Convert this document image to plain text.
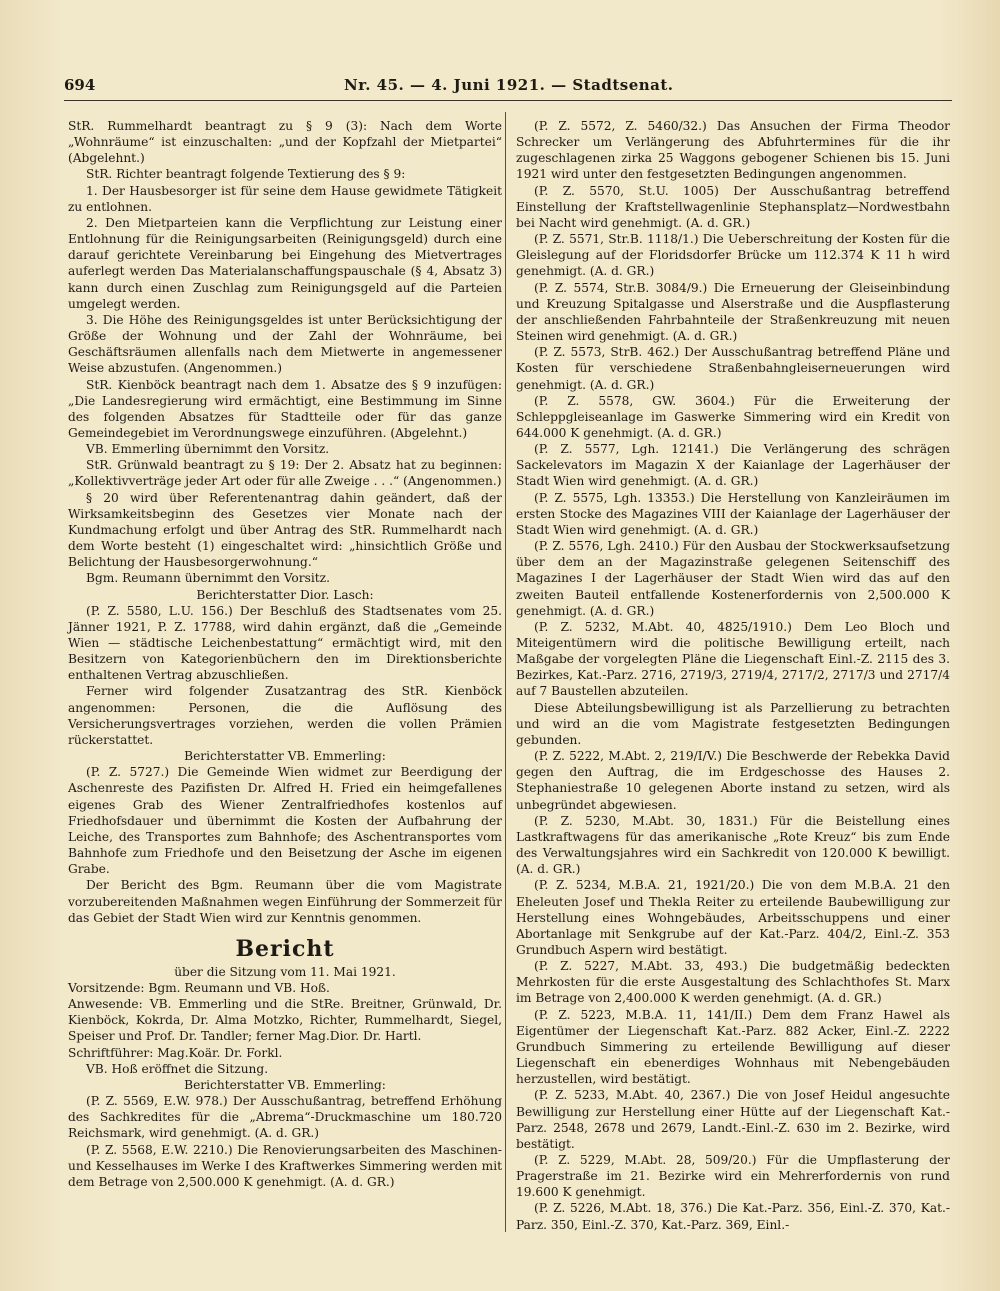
694	Nr. 45. — 4. Juni 1921. — Stadtsenat.

StR. Rummelhardt beantragt zu § 9 (3): Nach dem Worte „Wohnräume“ ist einzuschalten: „und der Kopfzahl der Mietpartei“ (Abgelehnt.)

StR. Richter beantragt folgende Textierung des § 9:

1. Der Hausbesorger ist für seine dem Hause gewidmete Tätigkeit zu entlohnen.

2. Den Mietparteien kann die Verpflichtung zur Leistung einer Entlohnung für die Reinigungsarbeiten (Reinigungsgeld) durch eine darauf gerichtete Vereinbarung bei Eingehung des Mietvertrages auferlegt werden Das Materialanschaffungspauschale (§ 4, Absatz 3) kann durch einen Zuschlag zum Reinigungsgeld auf die Parteien umgelegt werden.

3. Die Höhe des Reinigungsgeldes ist unter Berücksichtigung der Größe der Wohnung und der Zahl der Wohnräume, bei Geschäftsräumen allenfalls nach dem Mietwerte in angemessener Weise abzustufen. (Angenommen.)

StR. Kienböck beantragt nach dem 1. Absatze des § 9 inzufügen: „Die Landesregierung wird ermächtigt, eine Bestimmung im Sinne des folgenden Absatzes für Stadtteile oder für das ganze Gemeindegebiet im Verordnungswege einzuführen. (Abgelehnt.)

VB. Emmerling übernimmt den Vorsitz.

StR. Grünwald beantragt zu § 19: Der 2. Absatz hat zu beginnen: „Kollektivverträge jeder Art oder für alle Zweige . . .“ (Angenommen.)

§ 20 wird über Referentenantrag dahin geändert, daß der Wirksamkeitsbeginn des Gesetzes vier Monate nach der Kundmachung erfolgt und über Antrag des StR. Rummelhardt nach dem Worte besteht (1) eingeschaltet wird: „hinsichtlich Größe und Belichtung der Hausbesorgerwohnung.“

Bgm. Reumann übernimmt den Vorsitz.

Berichterstatter Dior. Lasch:

(P. Z. 5580, L.U. 156.) Der Beschluß des Stadtsenates vom 25. Jänner 1921, P. Z. 17788, wird dahin ergänzt, daß die „Gemeinde Wien — städtische Leichenbestattung“ ermächtigt wird, mit den Besitzern von Kategorienbüchern den im Direktionsberichte enthaltenen Vertrag abzuschließen.

Ferner wird folgender Zusatzantrag des StR. Kienböck angenommen: Personen, die die Auflösung des Versicherungsvertrages vorziehen, werden die vollen Prämien rückerstattet.

Berichterstatter VB. Emmerling:

(P. Z. 5727.) Die Gemeinde Wien widmet zur Beerdigung der Aschenreste des Pazifisten Dr. Alfred H. Fried ein heimgefallenes eigenes Grab des Wiener Zentralfriedhofes kostenlos auf Friedhofsdauer und übernimmt die Kosten der Aufbahrung der Leiche, des Transportes zum Bahnhofe; des Aschentransportes vom Bahnhofe zum Friedhofe und den Beisetzung der Asche im eigenen Grabe.

Der Bericht des Bgm. Reumann über die vom Magistrate vorzubereitenden Maßnahmen wegen Einführung der Sommerzeit für das Gebiet der Stadt Wien wird zur Kenntnis genommen.

Bericht

über die Sitzung vom 11. Mai 1921.

Vorsitzende: Bgm. Reumann und VB. Hoß.

Anwesende: VB. Emmerling und die StRe. Breitner, Grünwald, Dr. Kienböck, Kokrda, Dr. Alma Motzko, Richter, Rummelhardt, Siegel, Speiser und Prof. Dr. Tandler; ferner Mag.Dior. Dr. Hartl.

Schriftführer: Mag.Koär. Dr. Forkl.

VB. Hoß eröffnet die Sitzung.

Berichterstatter VB. Emmerling:

(P. Z. 5569, E.W. 978.) Der Ausschußantrag, betreffend Erhöhung des Sachkredites für die „Abrema“-Druckmaschine um 180.720 Reichsmark, wird genehmigt. (A. d. GR.)

(P. Z. 5568, E.W. 2210.) Die Renovierungsarbeiten des Maschinen- und Kesselhauses im Werke I des Kraftwerkes Simmering werden mit dem Betrage von 2,500.000 K genehmigt. (A. d. GR.)

(P. Z. 5572, Z. 5460/32.) Das Ansuchen der Firma Theodor Schrecker um Verlängerung des Abfuhrtermines für die ihr zugeschlagenen zirka 25 Waggons gebogener Schienen bis 15. Juni 1921 wird unter den festgesetzten Bedingungen angenommen.

(P. Z. 5570, St.U. 1005) Der Ausschußantrag betreffend Einstellung der Kraftstellwagenlinie Stephansplatz—Nordwestbahn bei Nacht wird genehmigt. (A. d. GR.)

(P. Z. 5571, Str.B. 1118/1.) Die Ueberschreitung der Kosten für die Gleislegung auf der Floridsdorfer Brücke um 112.374 K 11 h wird genehmigt. (A. d. GR.)

(P. Z. 5574, Str.B. 3084/9.) Die Erneuerung der Gleiseinbindung und Kreuzung Spitalgasse und Alserstraße und die Auspflasterung der anschließenden Fahrbahnteile der Straßenkreuzung mit neuen Steinen wird genehmigt. (A. d. GR.)

(P. Z. 5573, StrB. 462.) Der Ausschußantrag betreffend Pläne und Kosten für verschiedene Straßenbahngleiserneuerungen wird genehmigt. (A. d. GR.)

(P. Z. 5578, GW. 3604.) Für die Erweiterung der Schleppgleiseanlage im Gaswerke Simmering wird ein Kredit von 644.000 K genehmigt. (A. d. GR.)

(P. Z. 5577, Lgh. 12141.) Die Verlängerung des schrägen Sackelevators im Magazin X der Kaianlage der Lagerhäuser der Stadt Wien wird genehmigt. (A. d. GR.)

(P. Z. 5575, Lgh. 13353.) Die Herstellung von Kanzleiräumen im ersten Stocke des Magazines VIII der Kaianlage der Lagerhäuser der Stadt Wien wird genehmigt. (A. d. GR.)

(P. Z. 5576, Lgh. 2410.) Für den Ausbau der Stockwerksaufsetzung über dem an der Magazinstraße gelegenen Seitenschiff des Magazines I der Lagerhäuser der Stadt Wien wird das auf den zweiten Bauteil entfallende Kostenerfordernis von 2,500.000 K genehmigt. (A. d. GR.)

(P. Z. 5232, M.Abt. 40, 4825/1910.) Dem Leo Bloch und Miteigentümern wird die politische Bewilligung erteilt, nach Maßgabe der vorgelegten Pläne die Liegenschaft Einl.-Z. 2115 des 3. Bezirkes, Kat.-Parz. 2716, 2719/3, 2719/4, 2717/2, 2717/3 und 2717/4 auf 7 Baustellen abzuteilen.

Diese Abteilungsbewilligung ist als Parzellierung zu betrachten und wird an die vom Magistrate festgesetzten Bedingungen gebunden.

(P. Z. 5222, M.Abt. 2, 219/I/V.) Die Beschwerde der Rebekka David gegen den Auftrag, die im Erdgeschosse des Hauses 2. Stephaniestraße 10 gelegenen Aborte instand zu setzen, wird als unbegründet abgewiesen.

(P. Z. 5230, M.Abt. 30, 1831.) Für die Beistellung eines Lastkraftwagens für das amerikanische „Rote Kreuz“ bis zum Ende des Verwaltungsjahres wird ein Sachkredit von 120.000 K bewilligt. (A. d. GR.)

(P. Z. 5234, M.B.A. 21, 1921/20.) Die von dem M.B.A. 21 den Eheleuten Josef und Thekla Reiter zu erteilende Baubewilligung zur Herstellung eines Wohngebäudes, Arbeitsschuppens und einer Abortanlage mit Senkgrube auf der Kat.-Parz. 404/2, Einl.-Z. 353 Grundbuch Aspern wird bestätigt.

(P. Z. 5227, M.Abt. 33, 493.) Die budgetmäßig bedeckten Mehrkosten für die erste Ausgestaltung des Schlachthofes St. Marx im Betrage von 2,400.000 K werden genehmigt. (A. d. GR.)

(P. Z. 5223, M.B.A. 11, 141/II.) Dem dem Franz Hawel als Eigentümer der Liegenschaft Kat.-Parz. 882 Acker, Einl.-Z. 2222 Grundbuch Simmering zu erteilende Bewilligung auf dieser Liegenschaft ein ebenerdiges Wohnhaus mit Nebengebäuden herzustellen, wird bestätigt.

(P. Z. 5233, M.Abt. 40, 2367.) Die von Josef Heidul angesuchte Bewilligung zur Herstellung einer Hütte auf der Liegenschaft Kat.-Parz. 2548, 2678 und 2679, Landt.-Einl.-Z. 630 im 2. Bezirke, wird bestätigt.

(P. Z. 5229, M.Abt. 28, 509/20.) Für die Umpflasterung der Pragerstraße im 21. Bezirke wird ein Mehrerfordernis von rund 19.600 K genehmigt.

(P. Z. 5226, M.Abt. 18, 376.) Die Kat.-Parz. 356, Einl.-Z. 370, Kat.-Parz. 350, Einl.-Z. 370, Kat.-Parz. 369, Einl.-
